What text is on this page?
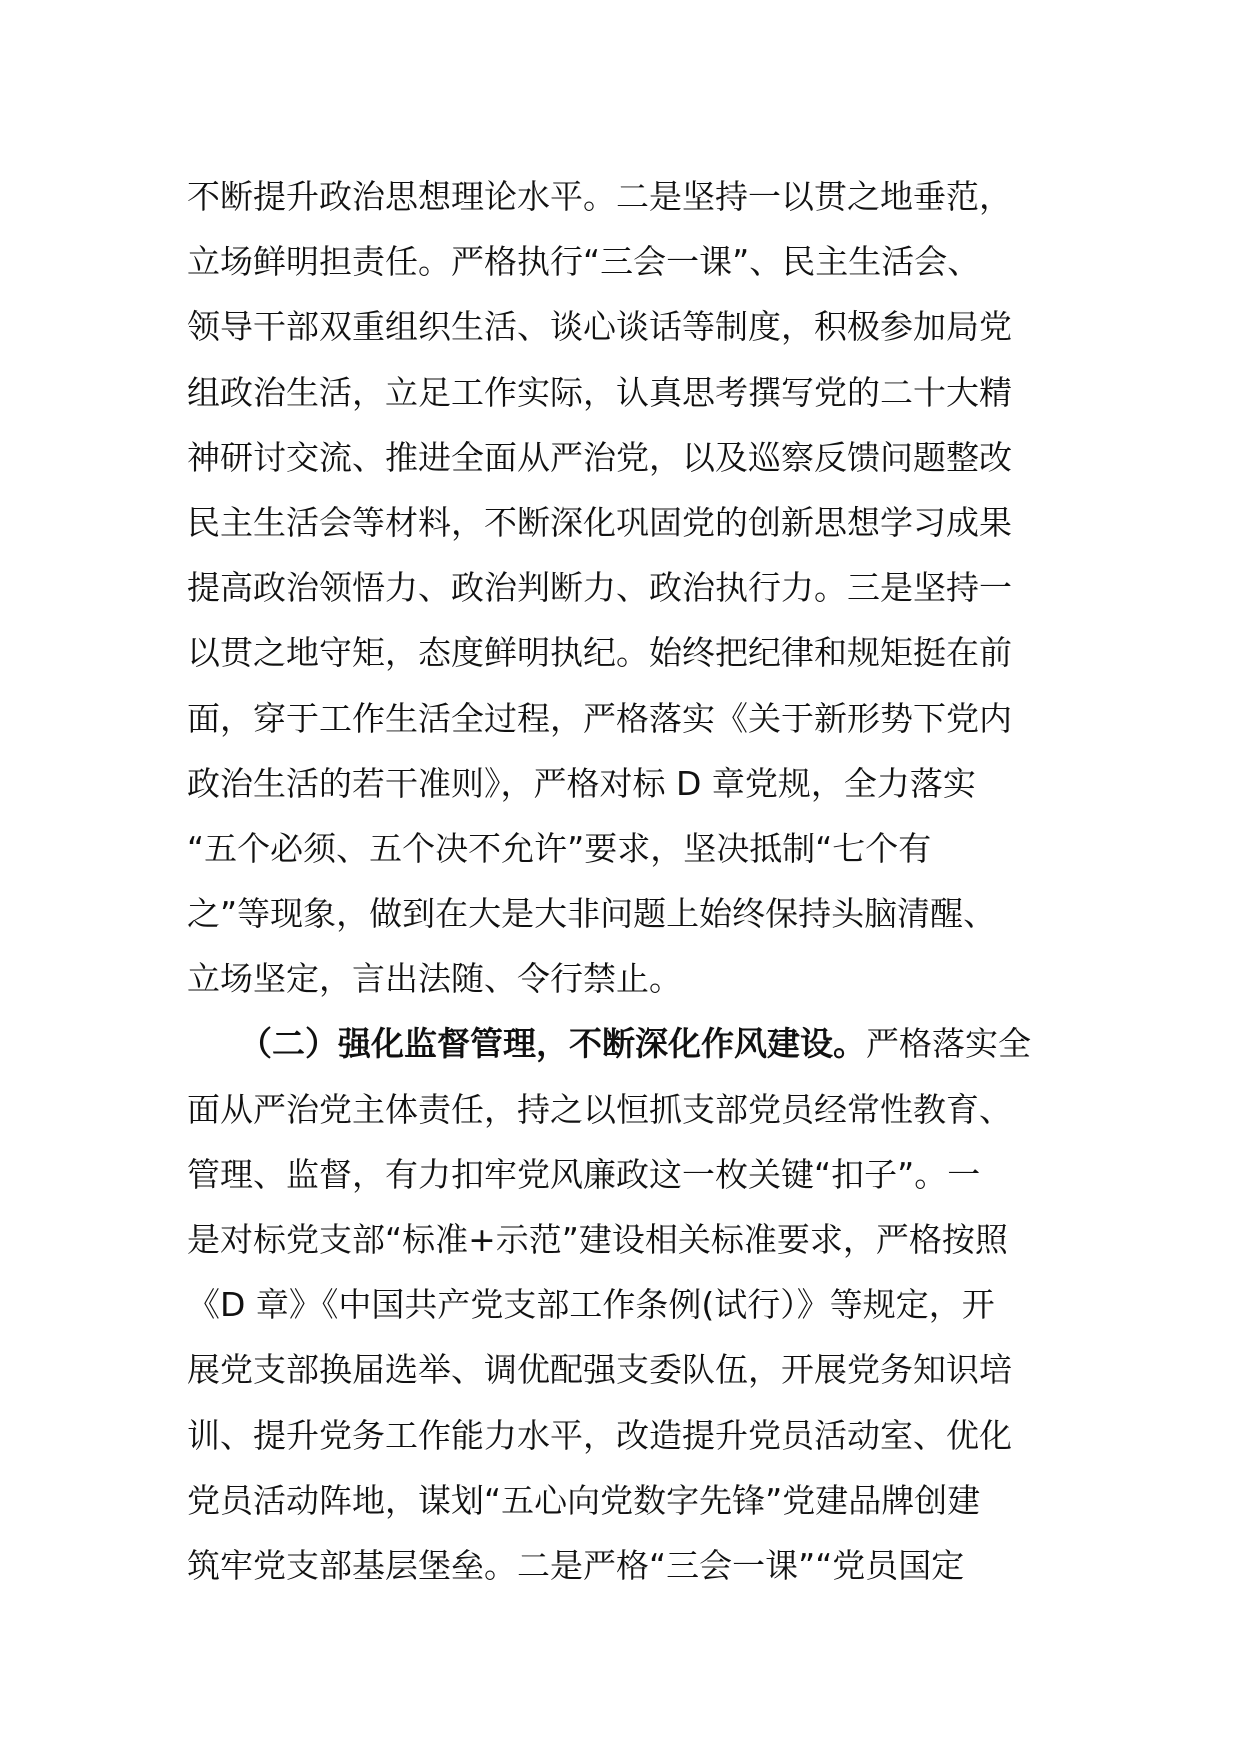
不断提升政治思想理论水平。二是坚持一以贯之地垂范，
立场鲜明担责任。严格执行“三会一课”、民主生活会、
领导干部双重组织生活、谈心谈话等制度，积极参加局党
组政治生活，立足工作实际，认真思考撰写党的二十大精
神研讨交流、推进全面从严治党，以及巡察反馈问题整改
民主生活会等材料，不断深化巩固党的创新思想学习成果
提高政治领悟力、政治判断力、政治执行力。三是坚持一
以贯之地守矩，态度鲜明执纪。始终把纪律和规矩挺在前
面，穿于工作生活全过程，严格落实《关于新形势下党内
政治生活的若干准则》，严格对标 D 章党规，全力落实
“五个必须、五个决不允许”要求，坚决抵制“七个有
之”等现象，做到在大是大非问题上始终保持头脑清醒、
立场坚定，言出法随、令行禁止。
（二）强化监督管理，不断深化作风建设。严格落实全
面从严治党主体责任，持之以恒抓支部党员经常性教育、
管理、监督，有力扣牢党风廉政这一枚关键“扣子”。一
是对标党支部“标准+示范”建设相关标准要求，严格按照
《D 章》《中国共产党支部工作条例(试行）》等规定，开
展党支部换届选举、调优配强支委队伍，开展党务知识培
训、提升党务工作能力水平，改造提升党员活动室、优化
党员活动阵地，谋划“五心向党数字先锋”党建品牌创建
筑牢党支部基层堡垒。二是严格“三会一课”“党员国定
